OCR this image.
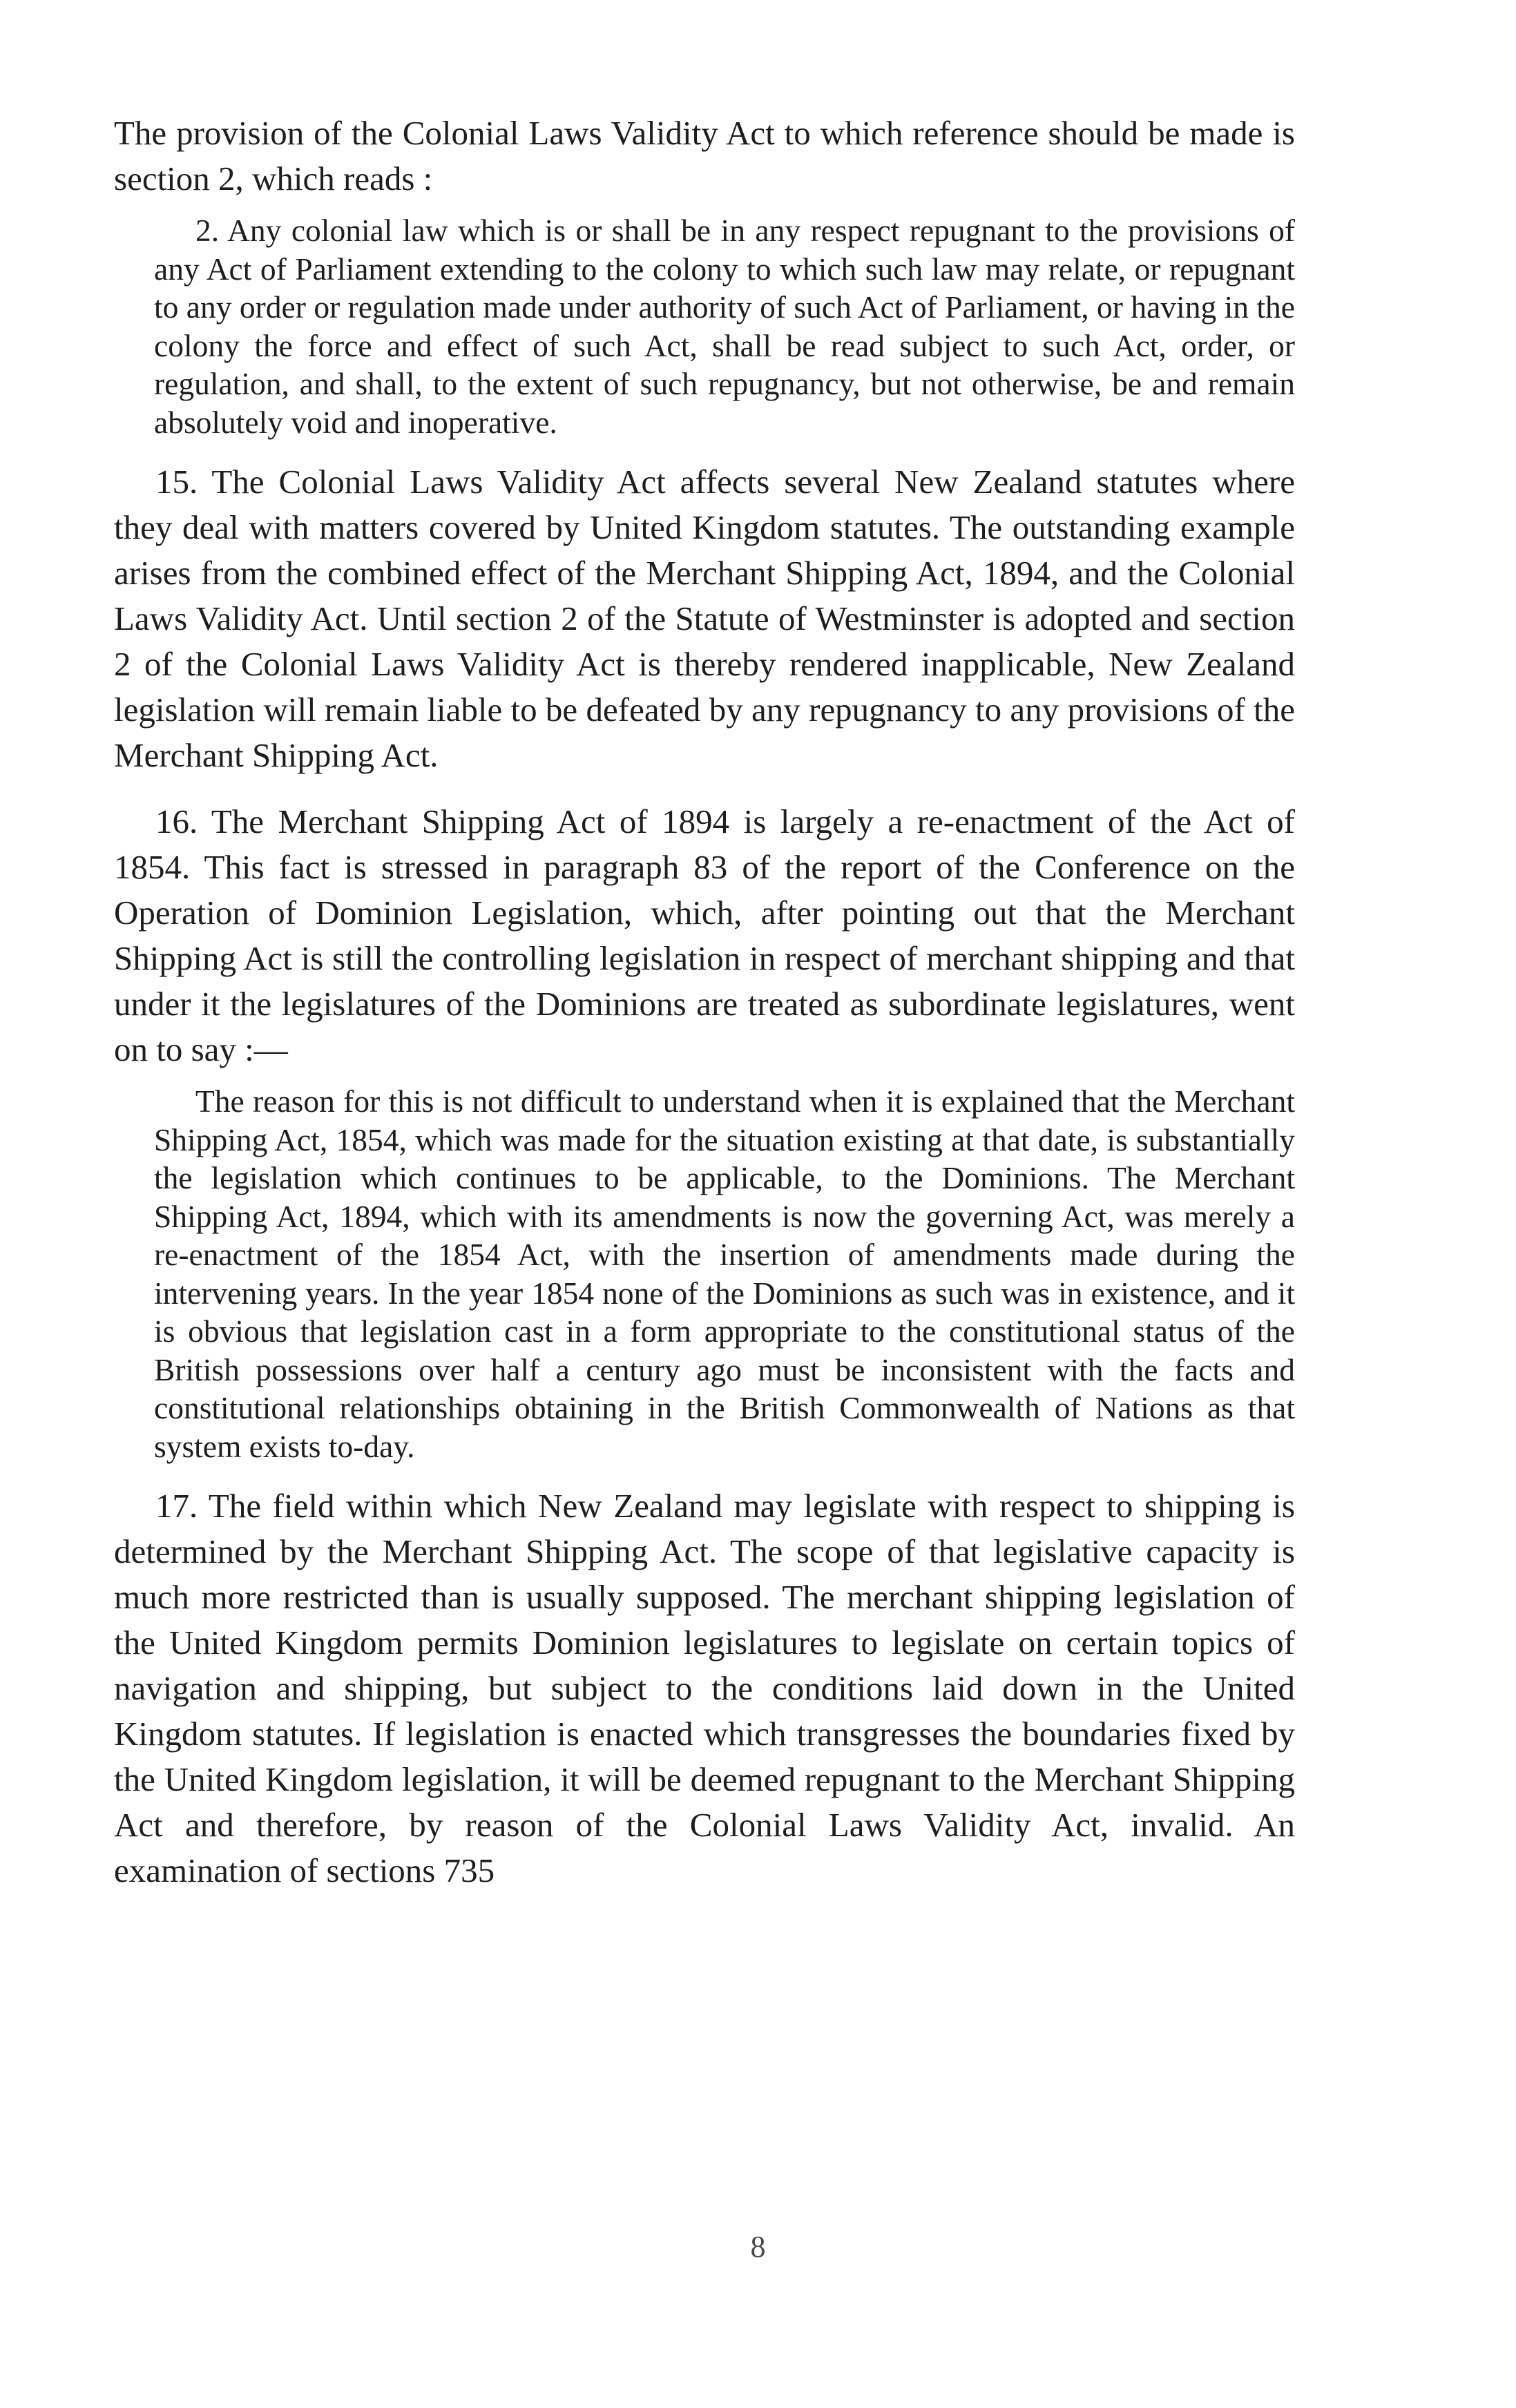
The provision of the Colonial Laws Validity Act to which reference should be made is section 2, which reads :

2. Any colonial law which is or shall be in any respect repugnant to the provisions of any Act of Parliament extending to the colony to which such law may relate, or repugnant to any order or regulation made under authority of such Act of Parliament, or having in the colony the force and effect of such Act, shall be read subject to such Act, order, or regulation, and shall, to the extent of such repugnancy, but not otherwise, be and remain absolutely void and inoperative.

15. The Colonial Laws Validity Act affects several New Zealand statutes where they deal with matters covered by United Kingdom statutes. The outstanding example arises from the combined effect of the Merchant Shipping Act, 1894, and the Colonial Laws Validity Act. Until section 2 of the Statute of Westminster is adopted and section 2 of the Colonial Laws Validity Act is thereby rendered inapplicable, New Zealand legislation will remain liable to be defeated by any repugnancy to any provisions of the Merchant Shipping Act.

16. The Merchant Shipping Act of 1894 is largely a re-enactment of the Act of 1854. This fact is stressed in paragraph 83 of the report of the Conference on the Operation of Dominion Legislation, which, after pointing out that the Merchant Shipping Act is still the controlling legislation in respect of merchant shipping and that under it the legislatures of the Dominions are treated as subordinate legislatures, went on to say :—

The reason for this is not difficult to understand when it is explained that the Merchant Shipping Act, 1854, which was made for the situation existing at that date, is substantially the legislation which continues to be applicable, to the Dominions. The Merchant Shipping Act, 1894, which with its amendments is now the governing Act, was merely a re-enactment of the 1854 Act, with the insertion of amendments made during the intervening years. In the year 1854 none of the Dominions as such was in existence, and it is obvious that legislation cast in a form appropriate to the constitutional status of the British possessions over half a century ago must be inconsistent with the facts and constitutional relationships obtaining in the British Commonwealth of Nations as that system exists to-day.

17. The field within which New Zealand may legislate with respect to shipping is determined by the Merchant Shipping Act. The scope of that legislative capacity is much more restricted than is usually supposed. The merchant shipping legislation of the United Kingdom permits Dominion legislatures to legislate on certain topics of navigation and shipping, but subject to the conditions laid down in the United Kingdom statutes. If legislation is enacted which transgresses the boundaries fixed by the United Kingdom legislation, it will be deemed repugnant to the Merchant Shipping Act and therefore, by reason of the Colonial Laws Validity Act, invalid. An examination of sections 735

8
